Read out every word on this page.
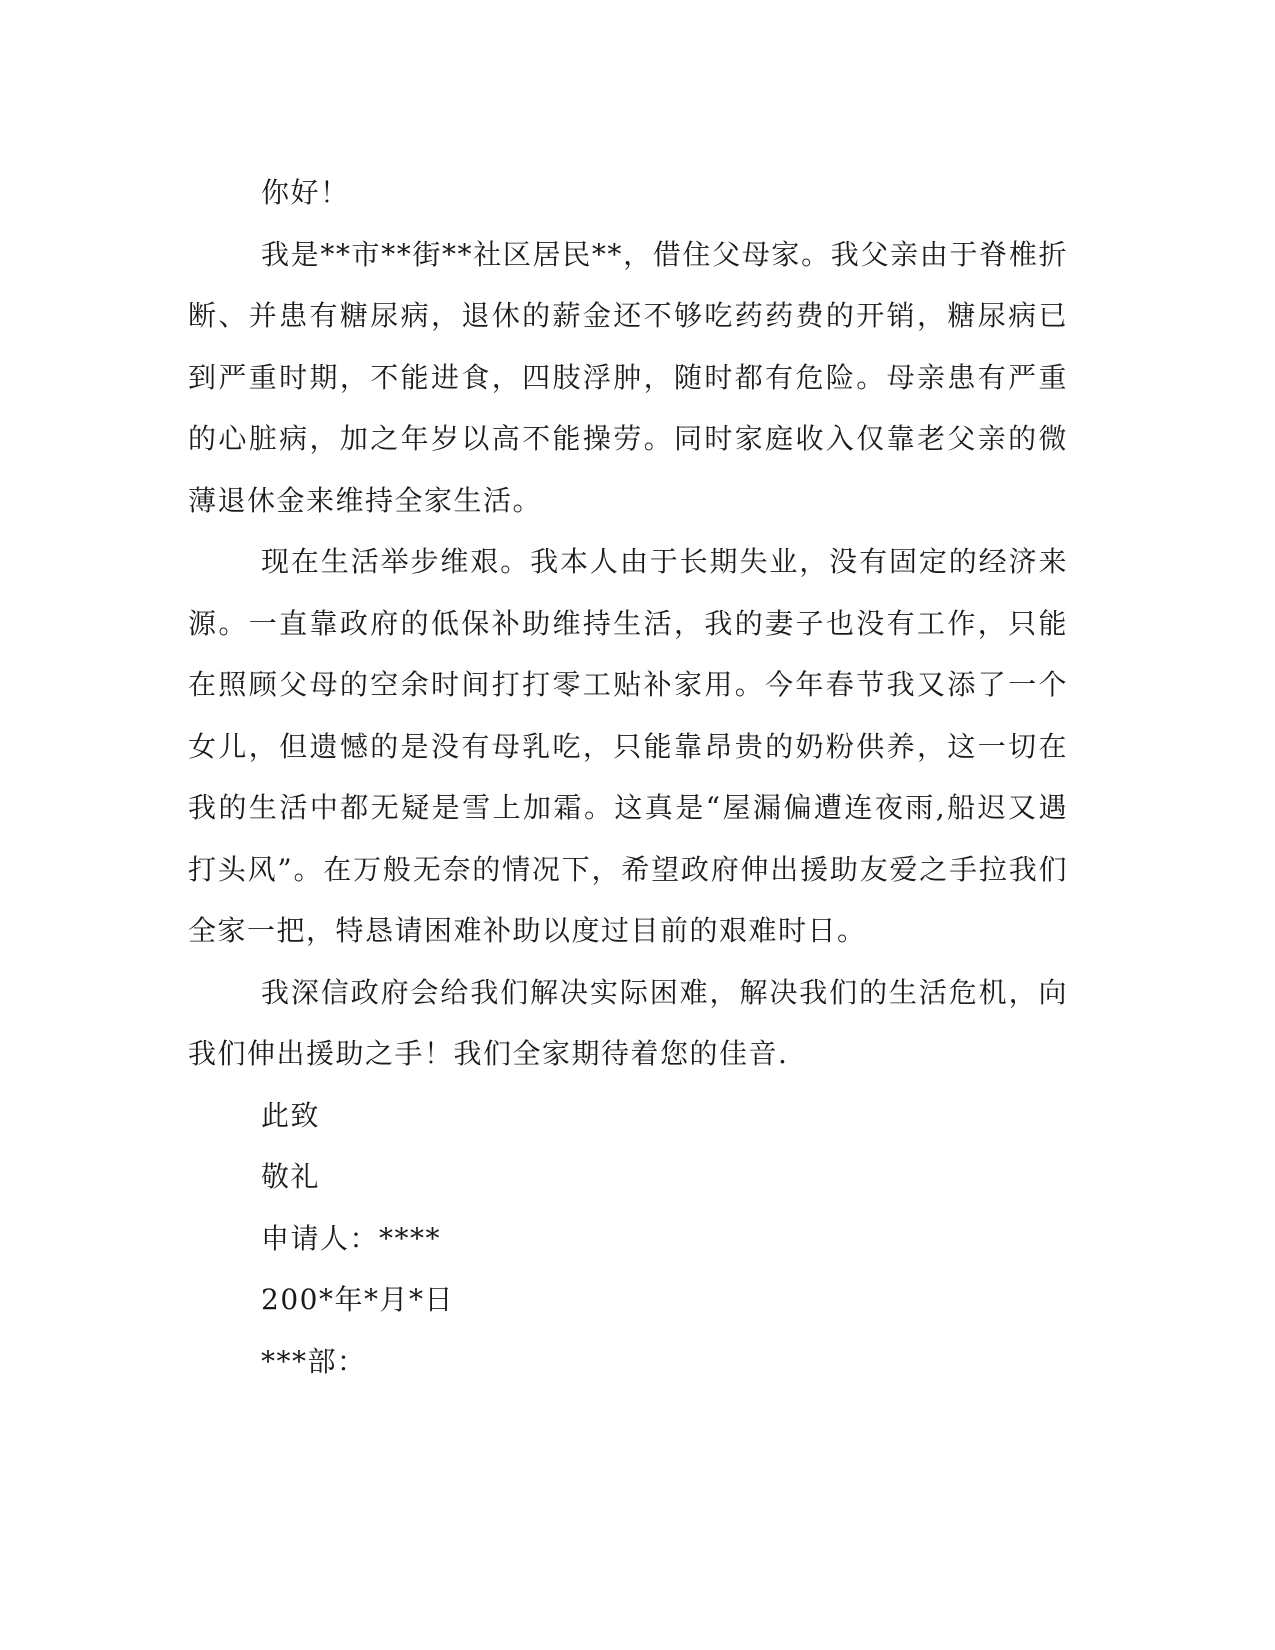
你好！

我是**市**街**社区居民**，借住父母家。我父亲由于脊椎折断、并患有糖尿病，退休的薪金还不够吃药药费的开销，糖尿病已到严重时期，不能进食，四肢浮肿，随时都有危险。母亲患有严重的心脏病，加之年岁以高不能操劳。同时家庭收入仅靠老父亲的微薄退休金来维持全家生活。

现在生活举步维艰。我本人由于长期失业，没有固定的经济来源。一直靠政府的低保补助维持生活，我的妻子也没有工作，只能在照顾父母的空余时间打打零工贴补家用。今年春节我又添了一个女儿，但遗憾的是没有母乳吃，只能靠昂贵的奶粉供养，这一切在我的生活中都无疑是雪上加霜。这真是“屋漏偏遭连夜雨,船迟又遇打头风”。在万般无奈的情况下，希望政府伸出援助友爱之手拉我们全家一把，特恳请困难补助以度过目前的艰难时日。

我深信政府会给我们解决实际困难，解决我们的生活危机，向我们伸出援助之手！我们全家期待着您的佳音.

此致

敬礼

申请人：****

200*年*月*日

***部：
